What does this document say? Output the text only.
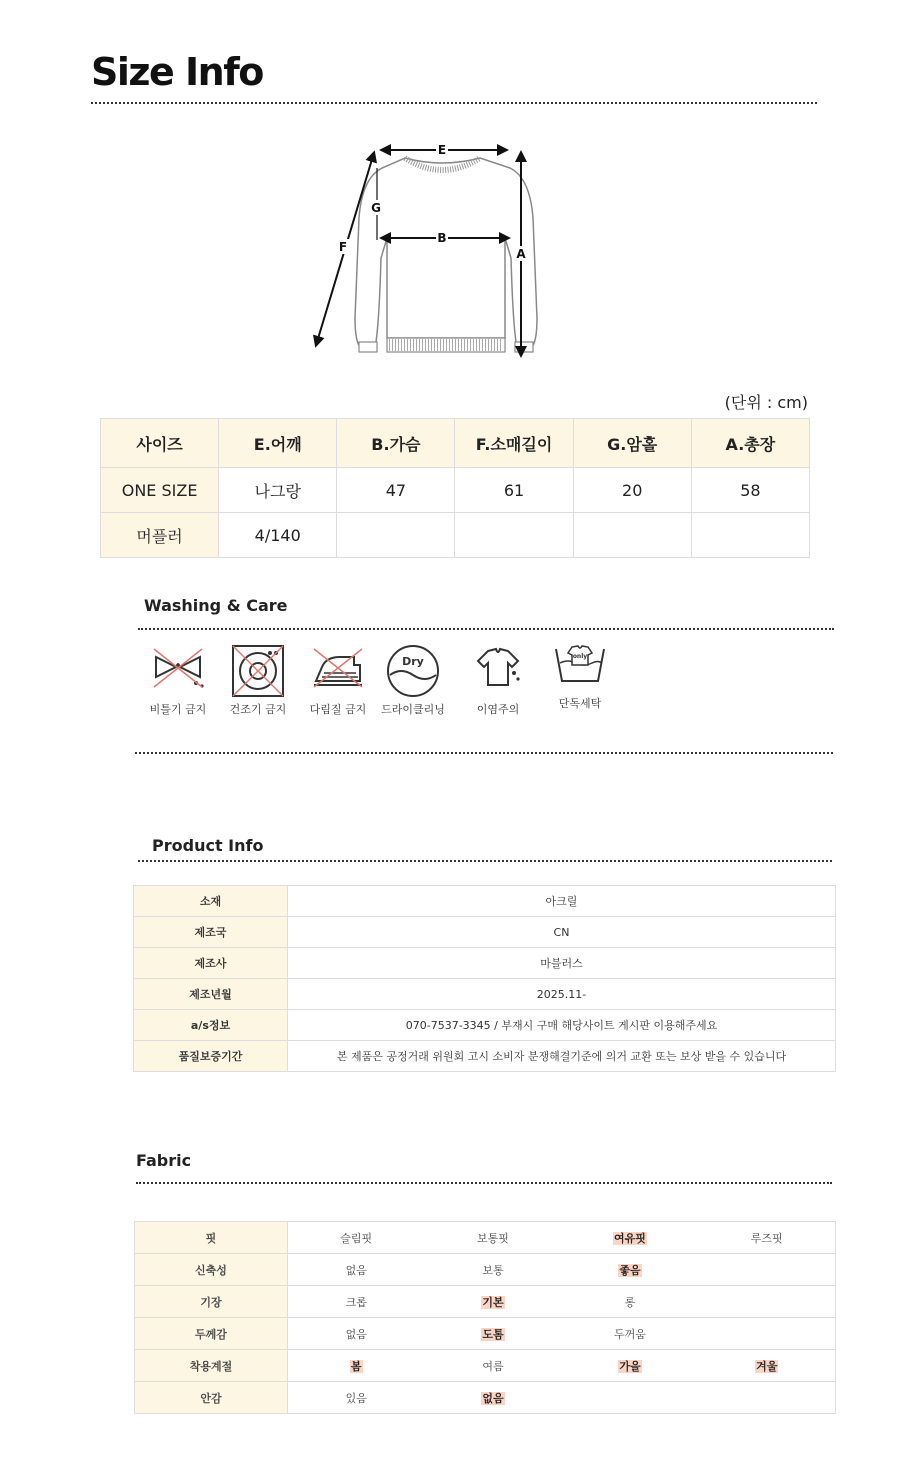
Size Info
E
G
F
B
A
(단위 : cm)
사이즈	E.어깨	B.가슴	F.소매길이	G.암홀	A.총장
ONE SIZE	나그랑	47	61	20	58
머플러	4/140				
Washing & Care
비틀기 금지	건조기 금지	다림질 금지
Dry
드라이클리닝	이염주의
only
단독세탁
Product Info
소재	아크릴
제조국	CN
제조사	마블러스
제조년월	2025.11-
a/s정보	070-7537-3345 / 부재시 구매 해당사이트 게시판 이용해주세요
품질보증기간	본 제품은 공정거래 위원회 고시 소비자 분쟁해결기준에 의거 교환 또는 보상 받을 수 있습니다
Fabric
핏	슬림핏	보통핏	여유핏	루즈핏
신축성	없음	보통	좋음	
기장	크롭	기본	롱	
두께감	없음	도톰	두꺼움	
착용계절	봄	여름	가을	겨울
안감	있음	없음		
